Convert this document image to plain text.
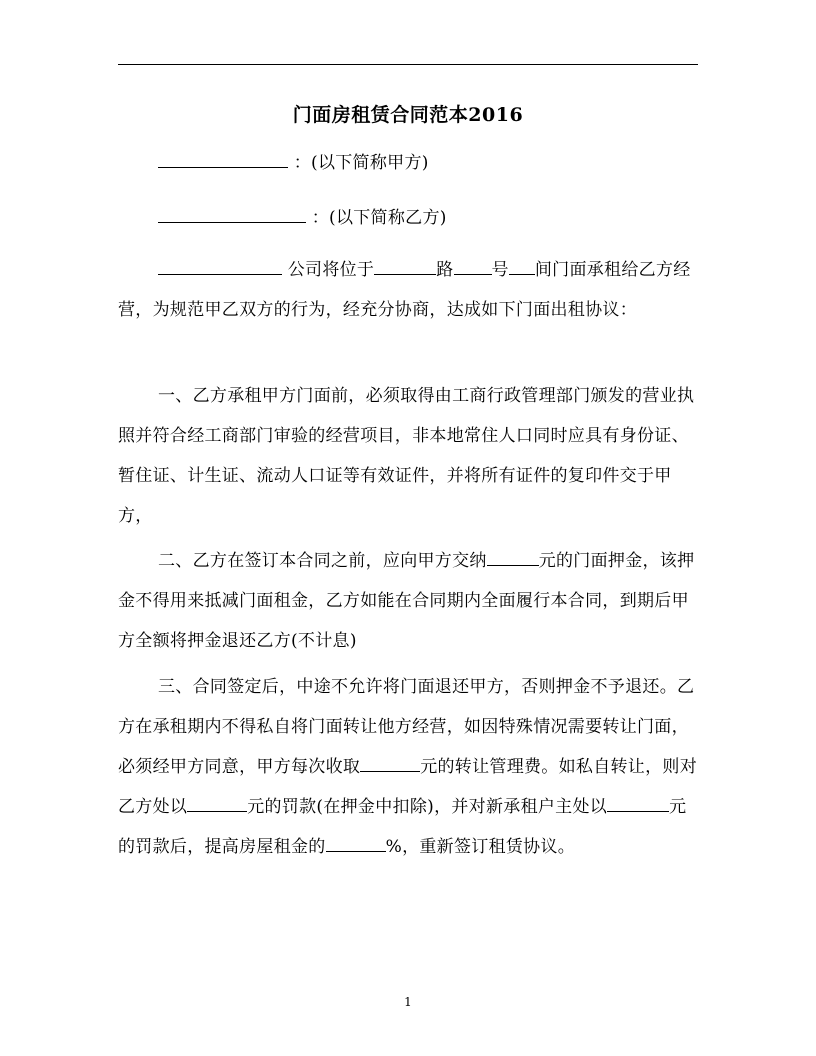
门面房租赁合同范本2016
：(以下简称甲方)
：(以下简称乙方)
公司将位于	路 号 间门面承租给乙方经营，为规范甲乙双方的行为，经充分协商，达成如下门面出租协议：
一、乙方承租甲方门面前，必须取得由工商行政管理部门颁发的营业执照并符合经工商部门审验的经营项目，非本地常住人口同时应具有身份证、暂住证、计生证、流动人口证等有效证件，并将所有证件的复印件交于甲方，
二、乙方在签订本合同之前，应向甲方交纳	元的门面押金，该押金不得用来抵减门面租金，乙方如能在合同期内全面履行本合同，到期后甲方全额将押金退还乙方(不计息)
三、合同签定后，中途不允许将门面退还甲方，否则押金不予退还。乙方在承租期内不得私自将门面转让他方经营，如因特殊情况需要转让门面，必须经甲方同意，甲方每次收取	元的转让管理费。如私自转让，则对乙方处以	元的罚款(在押金中扣除)，并对新承租户主处以	元的罚款后，提高房屋租金的	%，重新签订租赁协议。
1
